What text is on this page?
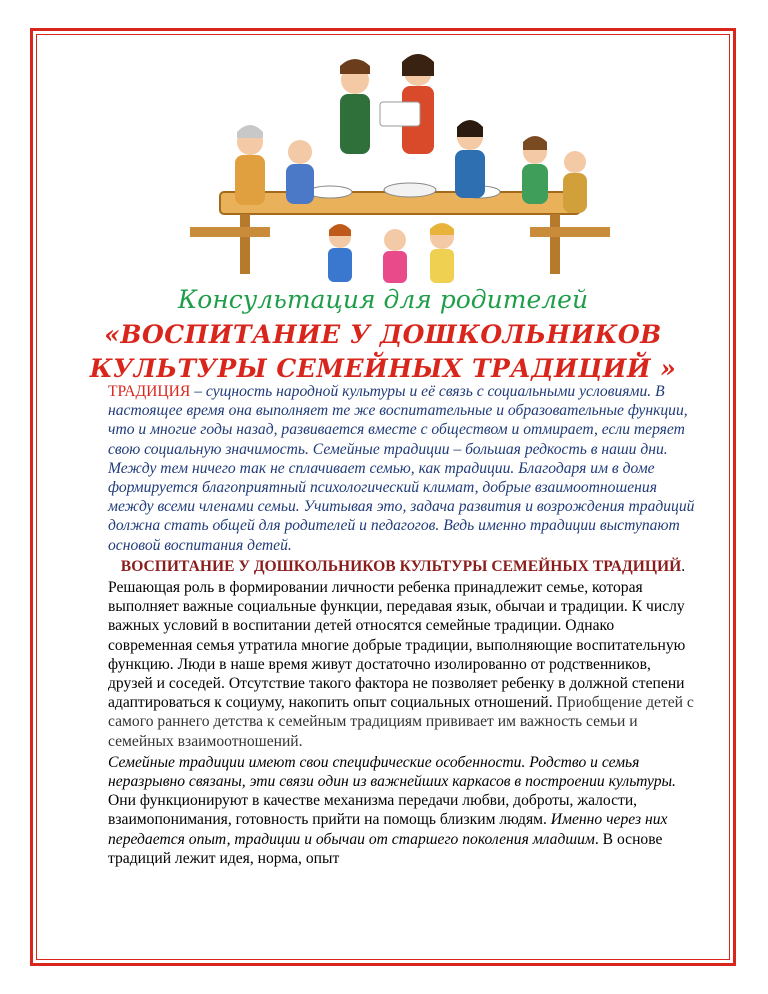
Консультация для родителей
«ВОСПИТАНИЕ У ДОШКОЛЬНИКОВ
КУЛЬТУРЫ СЕМЕЙНЫХ ТРАДИЦИЙ »

ТРАДИЦИЯ – сущность народной культуры и её связь с социальными условиями. В настоящее время она выполняет те же воспитательные и образовательные функции, что и многие годы назад, развивается вместе с обществом и отмирает, если теряет свою социальную значимость. Семейные традиции – большая редкость в наши дни. Между тем ничего так не сплачивает семью, как традиции. Благодаря им в доме формируется благоприятный психологический климат, добрые взаимоотношения между всеми членами семьи. Учитывая это, задача развития и возрождения традиций должна стать общей для родителей и педагогов. Ведь именно традиции выступают основой воспитания детей.

ВОСПИТАНИЕ У ДОШКОЛЬНИКОВ КУЛЬТУРЫ СЕМЕЙНЫХ ТРАДИЦИЙ.

Решающая роль в формировании личности ребенка принадлежит семье, которая выполняет важные социальные функции, передавая язык, обычаи и традиции. К числу важных условий в воспитании детей относятся семейные традиции. Однако современная семья утратила многие добрые традиции, выполняющие воспитательную функцию. Люди в наше время живут достаточно изолированно от родственников, друзей и соседей. Отсутствие такого фактора не позволяет ребенку в должной степени адаптироваться к социуму, накопить опыт социальных отношений. Приобщение детей с самого раннего детства к семейным традициям прививает им важность семьи и семейных взаимоотношений.

Семейные традиции имеют свои специфические особенности. Родство и семья неразрывно связаны, эти связи один из важнейших каркасов в построении культуры. Они функционируют в качестве механизма передачи любви, доброты, жалости, взаимопонимания, готовность прийти на помощь близким людям. Именно через них передается опыт, традиции и обычаи от старшего поколения младшим. В основе традиций лежит идея, норма, опыт
